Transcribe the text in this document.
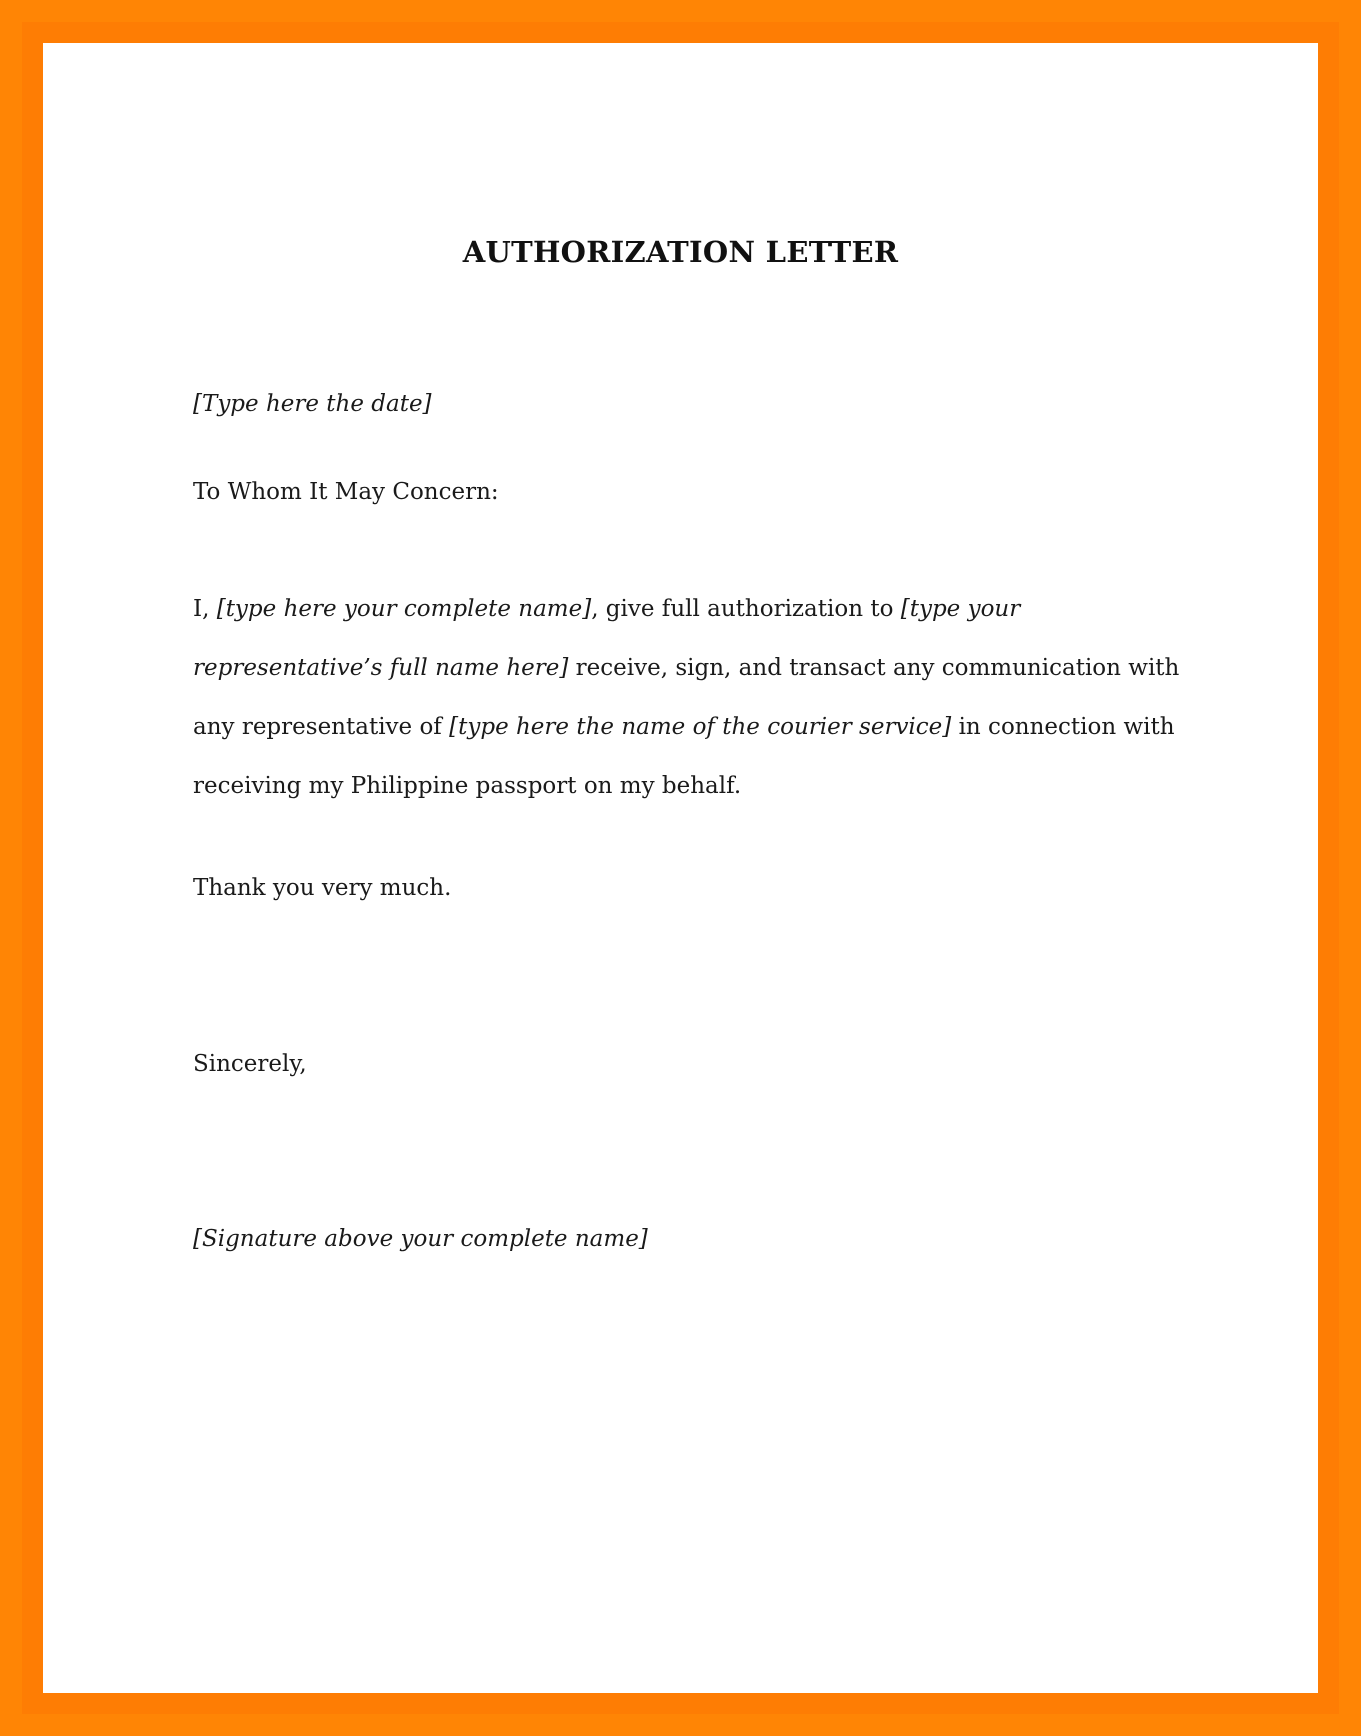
AUTHORIZATION LETTER

[Type here the date]

To Whom It May Concern:

I, [type here your complete name], give full authorization to [type your representative’s full name here] receive, sign, and transact any communication with any representative of [type here the name of the courier service] in connection with receiving my Philippine passport on my behalf.

Thank you very much.

Sincerely,

[Signature above your complete name]
